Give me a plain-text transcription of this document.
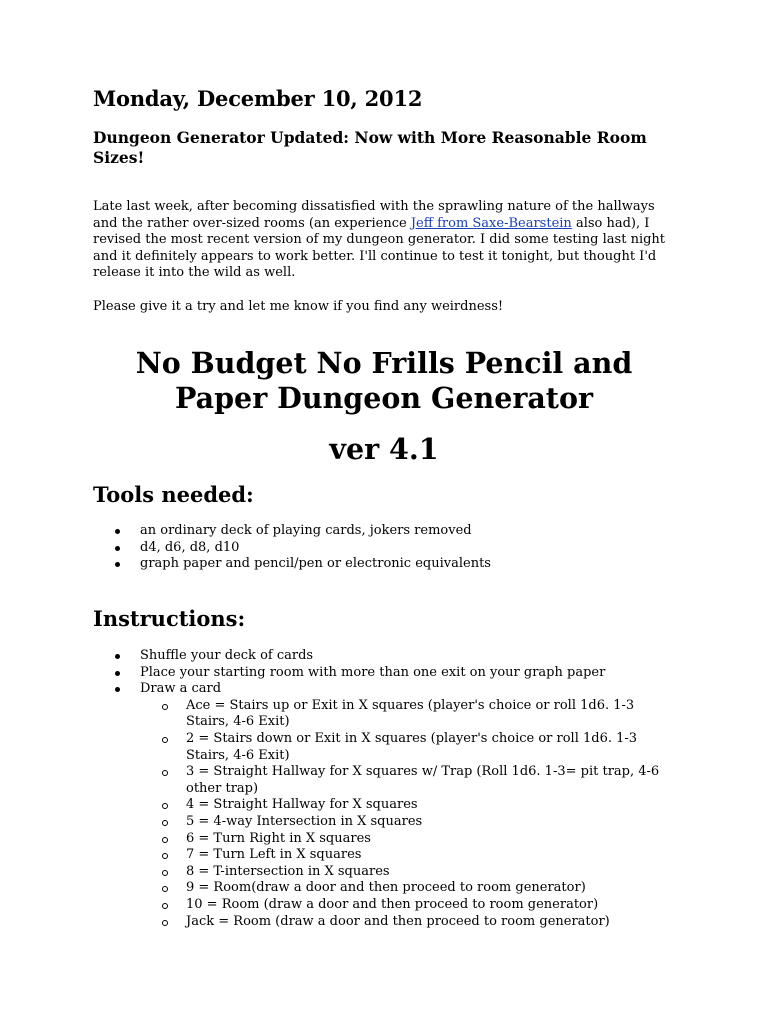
Monday, December 10, 2012
Dungeon Generator Updated: Now with More Reasonable Room Sizes!
Late last week, after becoming dissatisfied with the sprawling nature of the hallways and the rather over-sized rooms (an experience Jeff from Saxe-Bearstein also had), I revised the most recent version of my dungeon generator. I did some testing last night and it definitely appears to work better. I'll continue to test it tonight, but thought I'd release it into the wild as well.
Please give it a try and let me know if you find any weirdness!
No Budget No Frills Pencil and
Paper Dungeon Generator
ver 4.1
Tools needed:
an ordinary deck of playing cards, jokers removed
d4, d6, d8, d10
graph paper and pencil/pen or electronic equivalents
Instructions:
Shuffle your deck of cards
Place your starting room with more than one exit on your graph paper
Draw a card
Ace = Stairs up or Exit in X squares (player's choice or roll 1d6. 1-3 Stairs, 4-6 Exit)
2 = Stairs down or Exit in X squares (player's choice or roll 1d6. 1-3 Stairs, 4-6 Exit)
3 = Straight Hallway for X squares w/ Trap (Roll 1d6. 1-3= pit trap, 4-6 other trap)
4 = Straight Hallway for X squares
5 = 4-way Intersection in X squares
6 = Turn Right in X squares
7 = Turn Left in X squares
8 = T-intersection in X squares
9 = Room(draw a door and then proceed to room generator)
10 = Room (draw a door and then proceed to room generator)
Jack = Room (draw a door and then proceed to room generator)
